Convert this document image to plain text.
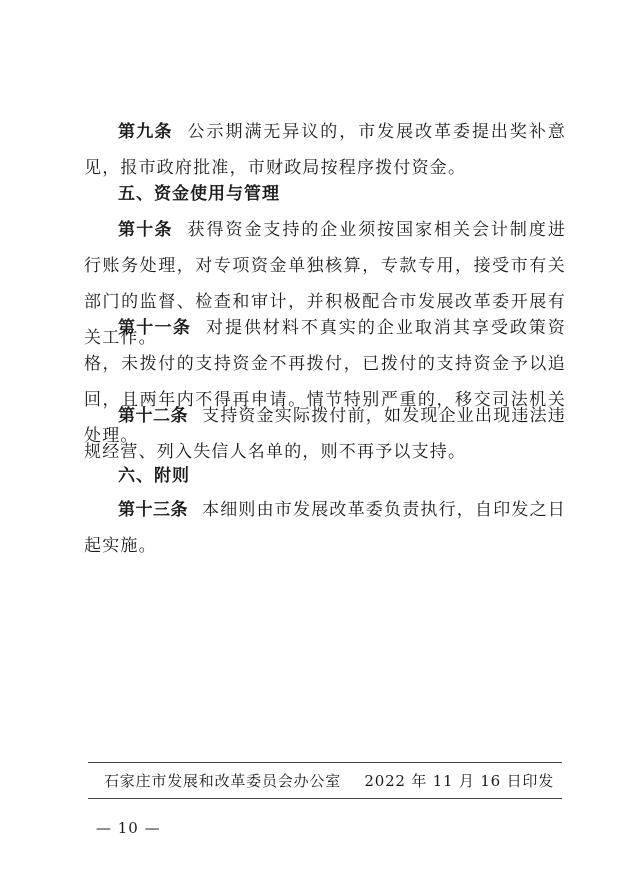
第九条 公示期满无异议的，市发展改革委提出奖补意见，报市政府批准，市财政局按程序拨付资金。

五、资金使用与管理

第十条 获得资金支持的企业须按国家相关会计制度进行账务处理，对专项资金单独核算，专款专用，接受市有关部门的监督、检查和审计，并积极配合市发展改革委开展有关工作。

第十一条 对提供材料不真实的企业取消其享受政策资格，未拨付的支持资金不再拨付，已拨付的支持资金予以追回，且两年内不得再申请。情节特别严重的，移交司法机关处理。

第十二条 支持资金实际拨付前，如发现企业出现违法违规经营、列入失信人名单的，则不再予以支持。

六、附则

第十三条 本细则由市发展改革委负责执行，自印发之日起实施。

石家庄市发展和改革委员会办公室 2022 年 11 月 16 日印发
— 10 —
